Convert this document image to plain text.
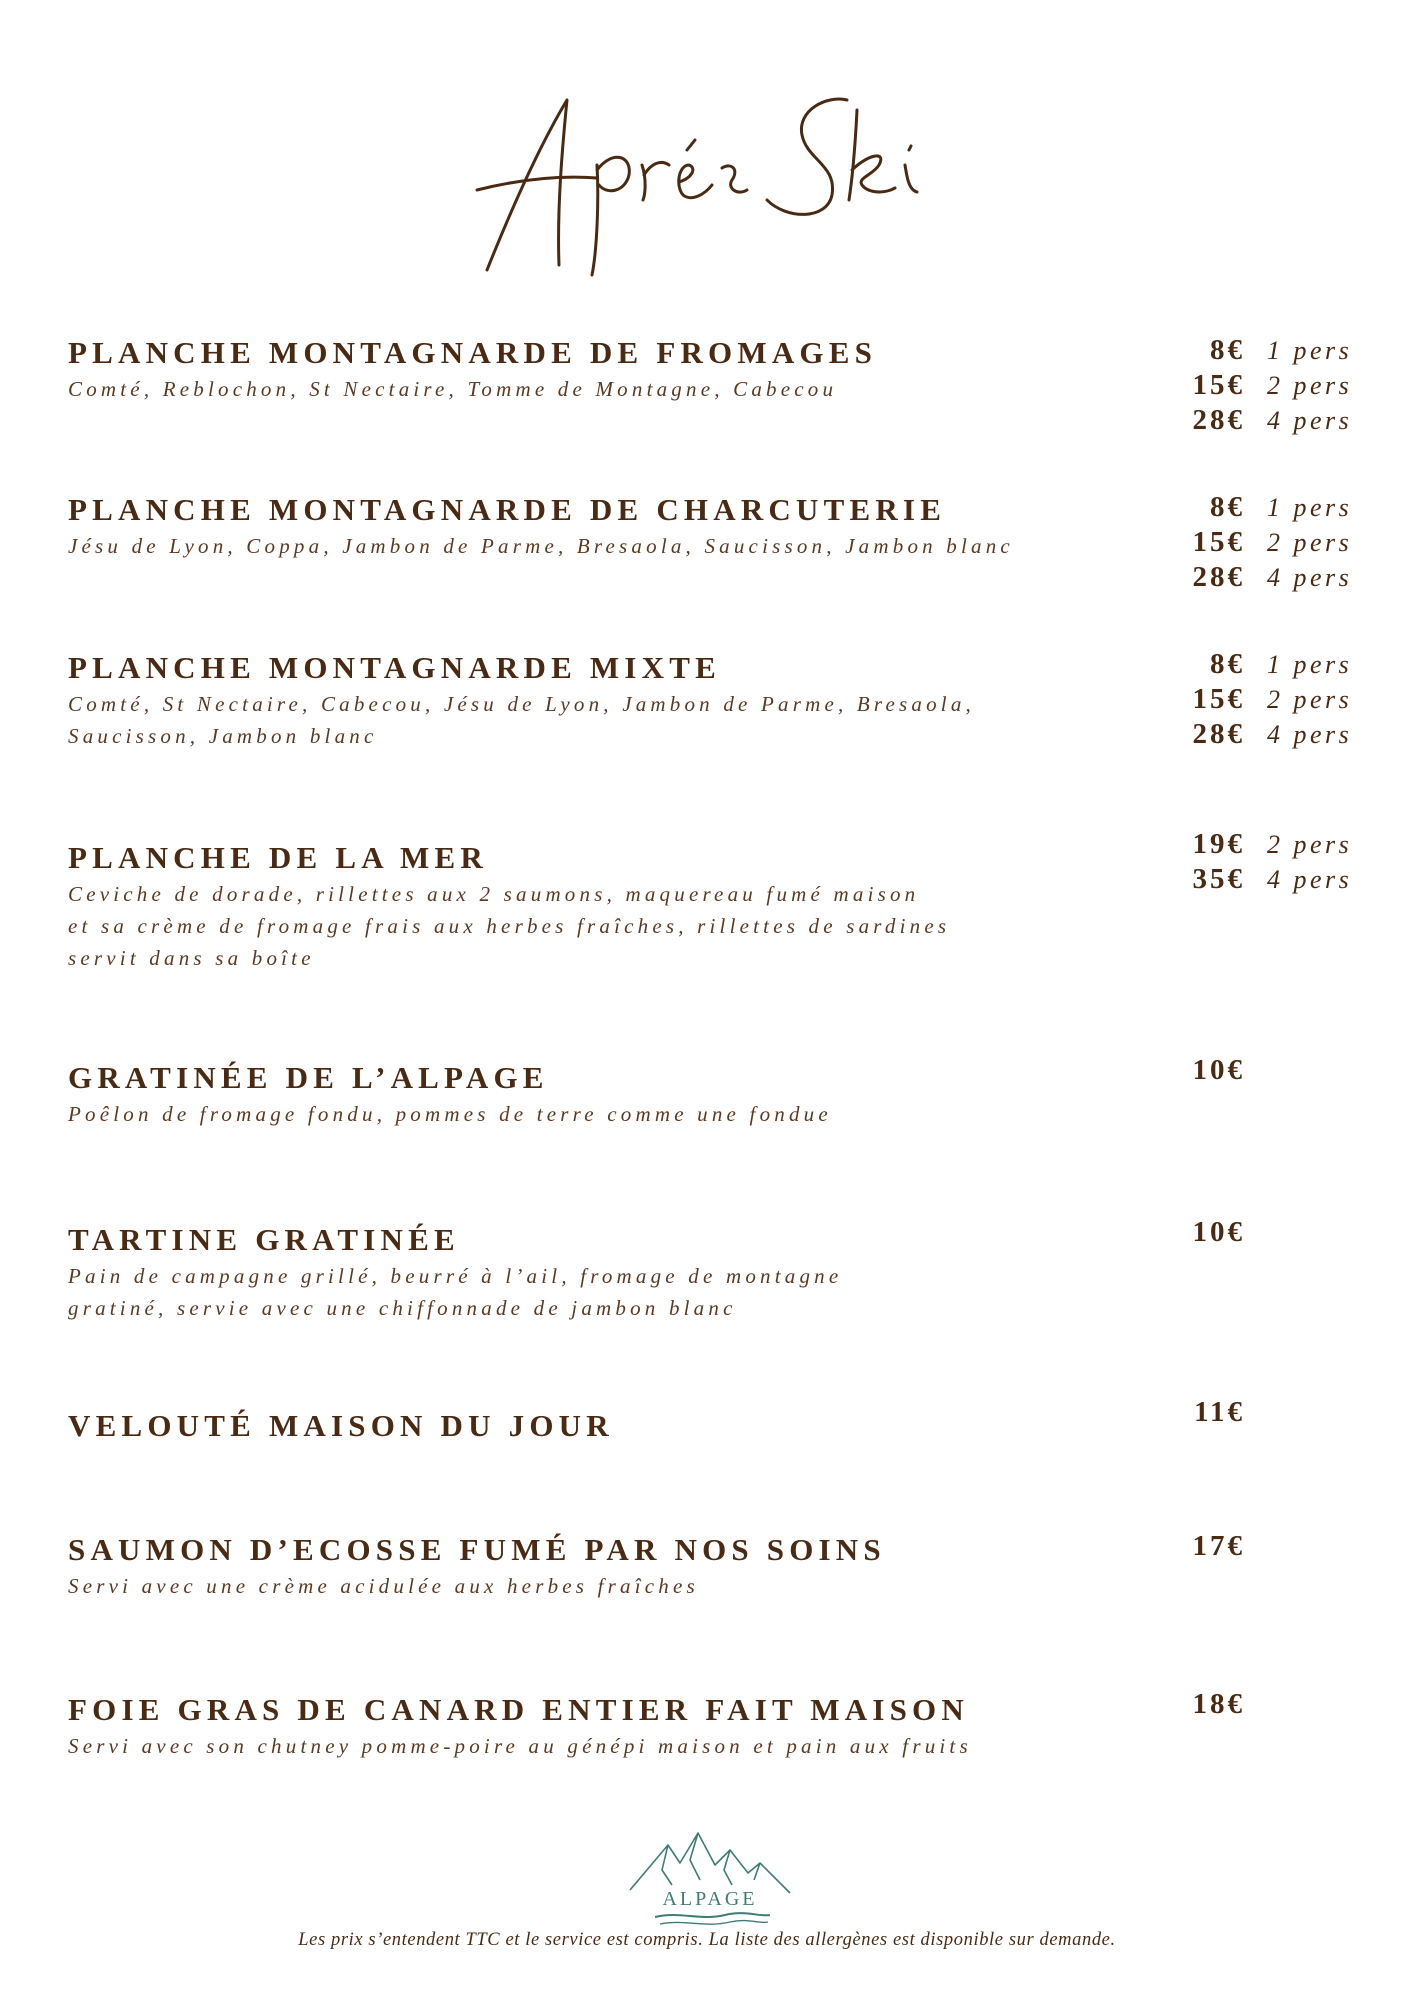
PLANCHE MONTAGNARDE DE FROMAGES
Comté, Reblochon, St Nectaire, Tomme de Montagne, Cabecou
8€ 1 pers
15€ 2 pers
28€ 4 pers
PLANCHE MONTAGNARDE DE CHARCUTERIE
Jésu de Lyon, Coppa, Jambon de Parme, Bresaola, Saucisson, Jambon blanc
8€ 1 pers
15€ 2 pers
28€ 4 pers
PLANCHE MONTAGNARDE MIXTE
Comté, St Nectaire, Cabecou, Jésu de Lyon, Jambon de Parme, Bresaola,
Saucisson, Jambon blanc
8€ 1 pers
15€ 2 pers
28€ 4 pers
PLANCHE DE LA MER
Ceviche de dorade, rillettes aux 2 saumons, maquereau fumé maison
et sa crème de fromage frais aux herbes fraîches, rillettes de sardines
servit dans sa boîte
19€ 2 pers
35€ 4 pers
GRATINÉE DE L’ALPAGE
Poêlon de fromage fondu, pommes de terre comme une fondue
10€
TARTINE GRATINÉE
Pain de campagne grillé, beurré à l’ail, fromage de montagne
gratiné, servie avec une chiffonnade de jambon blanc
10€
VELOUTÉ MAISON DU JOUR	11€
SAUMON D’ECOSSE FUMÉ PAR NOS SOINS
Servi avec une crème acidulée aux herbes fraîches
17€
FOIE GRAS DE CANARD ENTIER FAIT MAISON
Servi avec son chutney pomme-poire au génépi maison et pain aux fruits
18€
ALPAGE
Les prix s’entendent TTC et le service est compris. La liste des allergènes est disponible sur demande.
